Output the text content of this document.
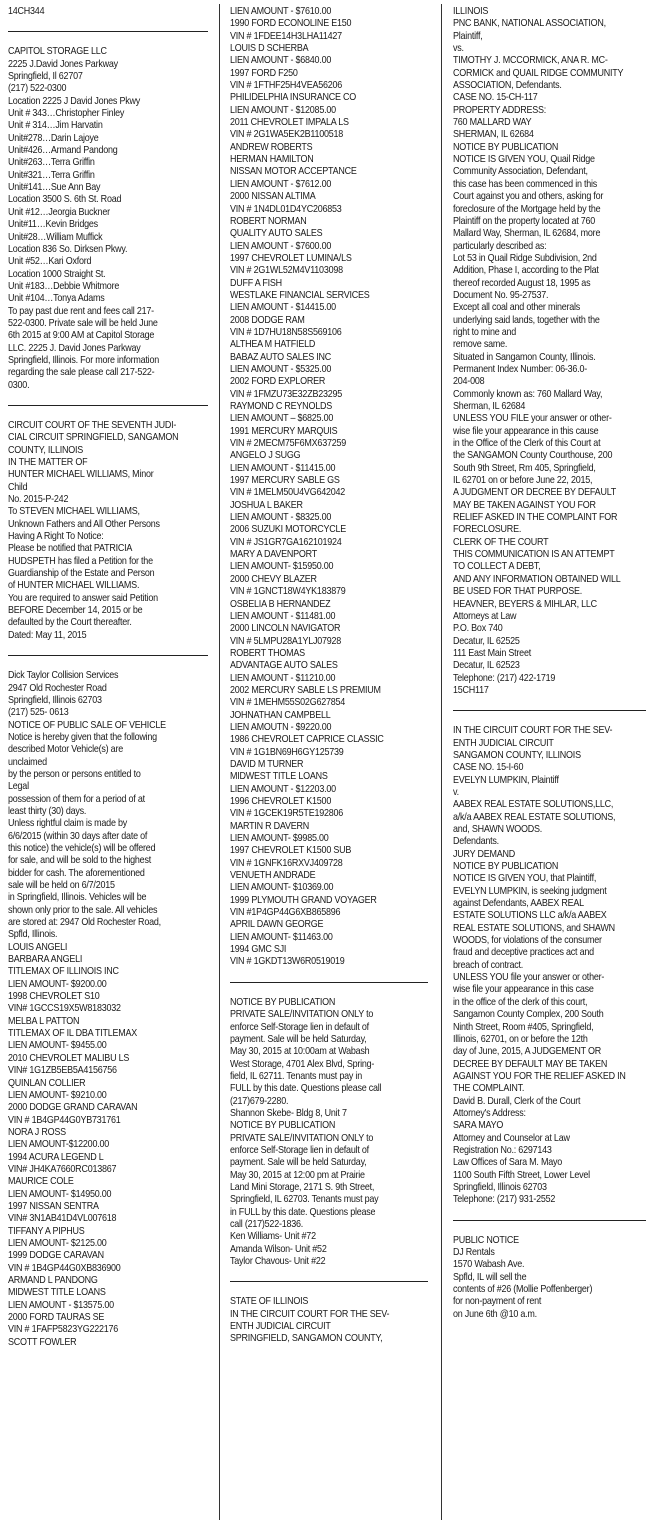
14CH344
CAPITOL STORAGE LLC
2225 J.David Jones Parkway
Springfield, Il 62707
(217) 522-0300
Location 2225 J David Jones Pkwy
Unit # 343…Christopher Finley
Unit # 314…Jim Harvatin
Unit#278…Darin Lajoye
Unit#426…Armand Pandong
Unit#263…Terra Griffin
Unit#321…Terra Griffin
Unit#141…Sue Ann Bay
Location 3500 S. 6th St. Road
Unit #12…Jeorgia Buckner
Unit#11…Kevin Bridges
Unit#28…William Muffick
Location 836 So. Dirksen Pkwy.
Unit #52…Kari Oxford
Location 1000 Straight St.
Unit #183…Debbie Whitmore
Unit #104…Tonya Adams
To pay past due rent and fees call 217-
522-0300. Private sale will be held June
6th 2015 at 9:00 AM at Capitol Storage
LLC. 2225 J. David Jones Parkway
Springfield, Illinois. For more information
regarding the sale please call 217-522-
0300.
CIRCUIT COURT OF THE SEVENTH JUDI-
CIAL CIRCUIT SPRINGFIELD, SANGAMON
COUNTY, ILLINOIS
IN THE MATTER OF
HUNTER MICHAEL WILLIAMS, Minor
Child
No. 2015-P-242
To STEVEN MICHAEL WILLIAMS,
Unknown Fathers and All Other Persons
Having A Right To Notice:
Please be notified that PATRICIA
HUDSPETH has filed a Petition for the
Guardianship of the Estate and Person
of HUNTER MICHAEL WILLIAMS.
You are required to answer said Petition
BEFORE December 14, 2015 or be
defaulted by the Court thereafter.
Dated: May 11, 2015
Dick Taylor Collision Services
2947 Old Rochester Road
Springfield, Illinois 62703
(217) 525- 0613
NOTICE OF PUBLIC SALE OF VEHICLE
Notice is hereby given that the following
described Motor Vehicle(s) are
unclaimed
by the person or persons entitled to
Legal
possession of them for a period of at
least thirty (30) days.
Unless rightful claim is made by
6/6/2015 (within 30 days after date of
this notice) the vehicle(s) will be offered
for sale, and will be sold to the highest
bidder for cash. The aforementioned
sale will be held on 6/7/2015
in Springfield, Illinois. Vehicles will be
shown only prior to the sale. All vehicles
are stored at: 2947 Old Rochester Road,
Spfld, Illinois.
LOUIS ANGELI
BARBARA ANGELI
TITLEMAX OF ILLINOIS INC
LIEN AMOUNT- $9200.00
1998 CHEVROLET S10
VIN# 1GCCS19X5W8183032
MELBA L PATTON
TITLEMAX OF IL DBA TITLEMAX
LIEN AMOUNT- $9455.00
2010 CHEVROLET MALIBU LS
VIN# 1G1ZB5EB5A4156756
QUINLAN COLLIER
LIEN AMOUNT- $9210.00
2000 DODGE GRAND CARAVAN
VIN # 1B4GP44G0YB731761
NORA J ROSS
LIEN AMOUNT-$12200.00
1994 ACURA LEGEND L
VIN# JH4KA7660RC013867
MAURICE COLE
LIEN AMOUNT- $14950.00
1997 NISSAN SENTRA
VIN# 3N1AB41D4VL007618
TIFFANY A PIPHUS
LIEN AMOUNT- $2125.00
1999 DODGE CARAVAN
VIN # 1B4GP44G0XB836900
ARMAND L PANDONG
MIDWEST TITLE LOANS
LIEN AMOUNT - $13575.00
2000 FORD TAURAS SE
VIN # 1FAFP5823YG222176
SCOTT FOWLER
LIEN AMOUNT - $7610.00
1990 FORD ECONOLINE E150
VIN # 1FDEE14H3LHA11427
LOUIS D SCHERBA
LIEN AMOUNT - $6840.00
1997 FORD F250
VIN # 1FTHF25H4VEA56206
PHILIDELPHIA INSURANCE CO
LIEN AMOUNT - $12085.00
2011 CHEVROLET IMPALA LS
VIN # 2G1WA5EK2B1100518
ANDREW ROBERTS
HERMAN HAMILTON
NISSAN MOTOR ACCEPTANCE
LIEN AMOUNT - $7612.00
2000 NISSAN ALTIMA
VIN # 1N4DL01D4YC206853
ROBERT NORMAN
QUALITY AUTO SALES
LIEN AMOUNT - $7600.00
1997 CHEVROLET LUMINA/LS
VIN # 2G1WL52M4V1103098
DUFF A FISH
WESTLAKE FINANCIAL SERVICES
LIEN AMOUNT - $14415.00
2008 DODGE RAM
VIN # 1D7HU18N58S569106
ALTHEA M HATFIELD
BABAZ AUTO SALES INC
LIEN AMOUNT - $5325.00
2002 FORD EXPLORER
VIN # 1FMZU73E32ZB23295
RAYMOND C REYNOLDS
LIEN AMOUNT – $6825.00
1991 MERCURY MARQUIS
VIN # 2MECM75F6MX637259
ANGELO J SUGG
LIEN AMOUNT - $11415.00
1997 MERCURY SABLE GS
VIN # 1MELM50U4VG642042
JOSHUA L BAKER
LIEN AMOUNT - $8325.00
2006 SUZUKI MOTORCYCLE
VIN # JS1GR7GA162101924
MARY A DAVENPORT
LIEN AMOUNT- $15950.00
2000 CHEVY BLAZER
VIN # 1GNCT18W4YK183879
OSBELIA B HERNANDEZ
LIEN AMOUNT - $11481.00
2000 LINCOLN NAVIGATOR
VIN # 5LMPU28A1YLJ07928
ROBERT THOMAS
ADVANTAGE AUTO SALES
LIEN AMOUNT - $11210.00
2002 MERCURY SABLE LS PREMIUM
VIN # 1MEHM55S02G627854
JOHNATHAN CAMPBELL
LIEN AMOUTN - $9220.00
1986 CHEVROLET CAPRICE CLASSIC
VIN # 1G1BN69H6GY125739
DAVID M TURNER
MIDWEST TITLE LOANS
LIEN AMOUNT - $12203.00
1996 CHEVROLET K1500
VIN # 1GCEK19R5TE192806
MARTIN R DAVERN
LIEN AMOUNT- $9985.00
1997 CHEVROLET K1500 SUB
VIN # 1GNFK16RXVJ409728
VENUETH ANDRADE
LIEN AMOUNT- $10369.00
1999 PLYMOUTH GRAND VOYAGER
VIN #1P4GP44G6XB865896
APRIL DAWN GEORGE
LIEN AMOUNT- $11463.00
1994 GMC SJI
VIN # 1GKDT13W6R0519019
NOTICE BY PUBLICATION
PRIVATE SALE/INVITATION ONLY to
enforce Self-Storage lien in default of
payment. Sale will be held Saturday,
May 30, 2015 at 10:00am at Wabash
West Storage, 4701 Alex Blvd, Spring-
field, IL 62711. Tenants must pay in
FULL by this date. Questions please call
(217)679-2280.
Shannon Skebe- Bldg 8, Unit 7
NOTICE BY PUBLICATION
PRIVATE SALE/INVITATION ONLY to
enforce Self-Storage lien in default of
payment. Sale will be held Saturday,
May 30, 2015 at 12:00 pm at Prairie
Land Mini Storage, 2171 S. 9th Street,
Springfield, IL 62703. Tenants must pay
in FULL by this date. Questions please
call (217)522-1836.
Ken Williams- Unit #72
Amanda Wilson- Unit #52
Taylor Chavous- Unit #22
STATE OF ILLINOIS
IN THE CIRCUIT COURT FOR THE SEV-
ENTH JUDICIAL CIRCUIT
SPRINGFIELD, SANGAMON COUNTY,
ILLINOIS
PNC BANK, NATIONAL ASSOCIATION,
Plaintiff,
vs.
TIMOTHY J. MCCORMICK, ANA R. MC-
CORMICK and QUAIL RIDGE COMMUNITY
ASSOCIATION, Defendants.
CASE NO. 15-CH-117
PROPERTY ADDRESS:
760 MALLARD WAY
SHERMAN, IL 62684
NOTICE BY PUBLICATION
NOTICE IS GIVEN YOU, Quail Ridge
Community Association, Defendant,
this case has been commenced in this
Court against you and others, asking for
foreclosure of the Mortgage held by the
Plaintiff on the property located at 760
Mallard Way, Sherman, IL 62684, more
particularly described as:
Lot 53 in Quail Ridge Subdivision, 2nd
Addition, Phase I, according to the Plat
thereof recorded August 18, 1995 as
Document No. 95-27537.
Except all coal and other minerals
underlying said lands, together with the
right to mine and
remove same.
Situated in Sangamon County, Illinois.
Permanent Index Number: 06-36.0-
204-008
Commonly known as: 760 Mallard Way,
Sherman, IL 62684
UNLESS YOU FILE your answer or other-
wise file your appearance in this cause
in the Office of the Clerk of this Court at
the SANGAMON County Courthouse, 200
South 9th Street, Rm 405, Springfield,
IL 62701 on or before June 22, 2015,
A JUDGMENT OR DECREE BY DEFAULT
MAY BE TAKEN AGAINST YOU FOR
RELIEF ASKED IN THE COMPLAINT FOR
FORECLOSURE.
CLERK OF THE COURT
THIS COMMUNICATION IS AN ATTEMPT
TO COLLECT A DEBT,
AND ANY INFORMATION OBTAINED WILL
BE USED FOR THAT PURPOSE.
HEAVNER, BEYERS & MIHLAR, LLC
Attorneys at Law
P.O. Box 740
Decatur, IL 62525
111 East Main Street
Decatur, IL 62523
Telephone: (217) 422-1719
15CH117
IN THE CIRCUIT COURT FOR THE SEV-
ENTH JUDICIAL CIRCUIT
SANGAMON COUNTY, ILLINOIS
CASE NO. 15-I-60
EVELYN LUMPKIN, Plaintiff
v.
AABEX REAL ESTATE SOLUTIONS,LLC,
a/k/a AABEX REAL ESTATE SOLUTIONS,
and, SHAWN WOODS.
Defendants.
JURY DEMAND
NOTICE BY PUBLICATION
NOTICE IS GIVEN YOU, that Plaintiff,
EVELYN LUMPKIN, is seeking judgment
against Defendants, AABEX REAL
ESTATE SOLUTIONS LLC a/k/a AABEX
REAL ESTATE SOLUTIONS, and SHAWN
WOODS, for violations of the consumer
fraud and deceptive practices act and
breach of contract.
UNLESS YOU file your answer or other-
wise file your appearance in this case
in the office of the clerk of this court,
Sangamon County Complex, 200 South
Ninth Street, Room #405, Springfield,
Illinois, 62701, on or before the 12th
day of June, 2015, A JUDGEMENT OR
DECREE BY DEFAULT MAY BE TAKEN
AGAINST YOU FOR THE RELIEF ASKED IN
THE COMPLAINT.
David B. Durall, Clerk of the Court
Attorney's Address:
SARA MAYO
Attorney and Counselor at Law
Registration No.: 6297143
Law Offices of Sara M. Mayo
1100 South Fifth Street, Lower Level
Springfield, Illinois 62703
Telephone: (217) 931-2552
PUBLIC NOTICE
DJ Rentals
1570 Wabash Ave.
Spfld, IL will sell the
contents of #26 (Mollie Poffenberger)
for non-payment of rent
on June 6th @10 a.m.
